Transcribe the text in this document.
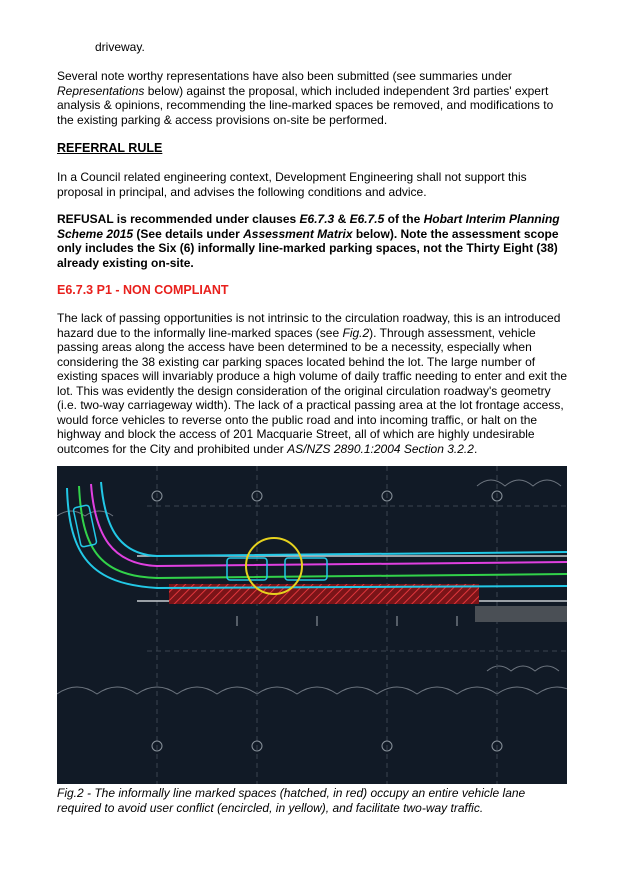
driveway.

Several note worthy representations have also been submitted (see summaries under Representations below) against the proposal, which included independent 3rd parties' expert analysis & opinions, recommending the line-marked spaces be removed, and modifications to the existing parking & access provisions on-site be performed.

REFERRAL RULE

In a Council related engineering context, Development Engineering shall not support this proposal in principal, and advises the following conditions and advice.

REFUSAL is recommended under clauses E6.7.3 & E6.7.5 of the Hobart Interim Planning Scheme 2015 (See details under Assessment Matrix below). Note the assessment scope only includes the Six (6) informally line-marked parking spaces, not the Thirty Eight (38) already existing on-site.

E6.7.3 P1 - NON COMPLIANT

The lack of passing opportunities is not intrinsic to the circulation roadway, this is an introduced hazard due to the informally line-marked spaces (see Fig.2). Through assessment, vehicle passing areas along the access have been determined to be a necessity, especially when considering the 38 existing car parking spaces located behind the lot. The large number of existing spaces will invariably produce a high volume of daily traffic needing to enter and exit the lot. This was evidently the design consideration of the original circulation roadway's geometry (i.e. two-way carriageway width). The lack of a practical passing area at the lot frontage access, would force vehicles to reverse onto the public road and into incoming traffic, or halt on the highway and block the access of 201 Macquarie Street, all of which are highly undesirable outcomes for the City and prohibited under AS/NZS 2890.1:2004 Section 3.2.2.

Fig.2 - The informally line marked spaces (hatched, in red) occupy an entire vehicle lane required to avoid user conflict (encircled, in yellow), and facilitate two-way traffic.
